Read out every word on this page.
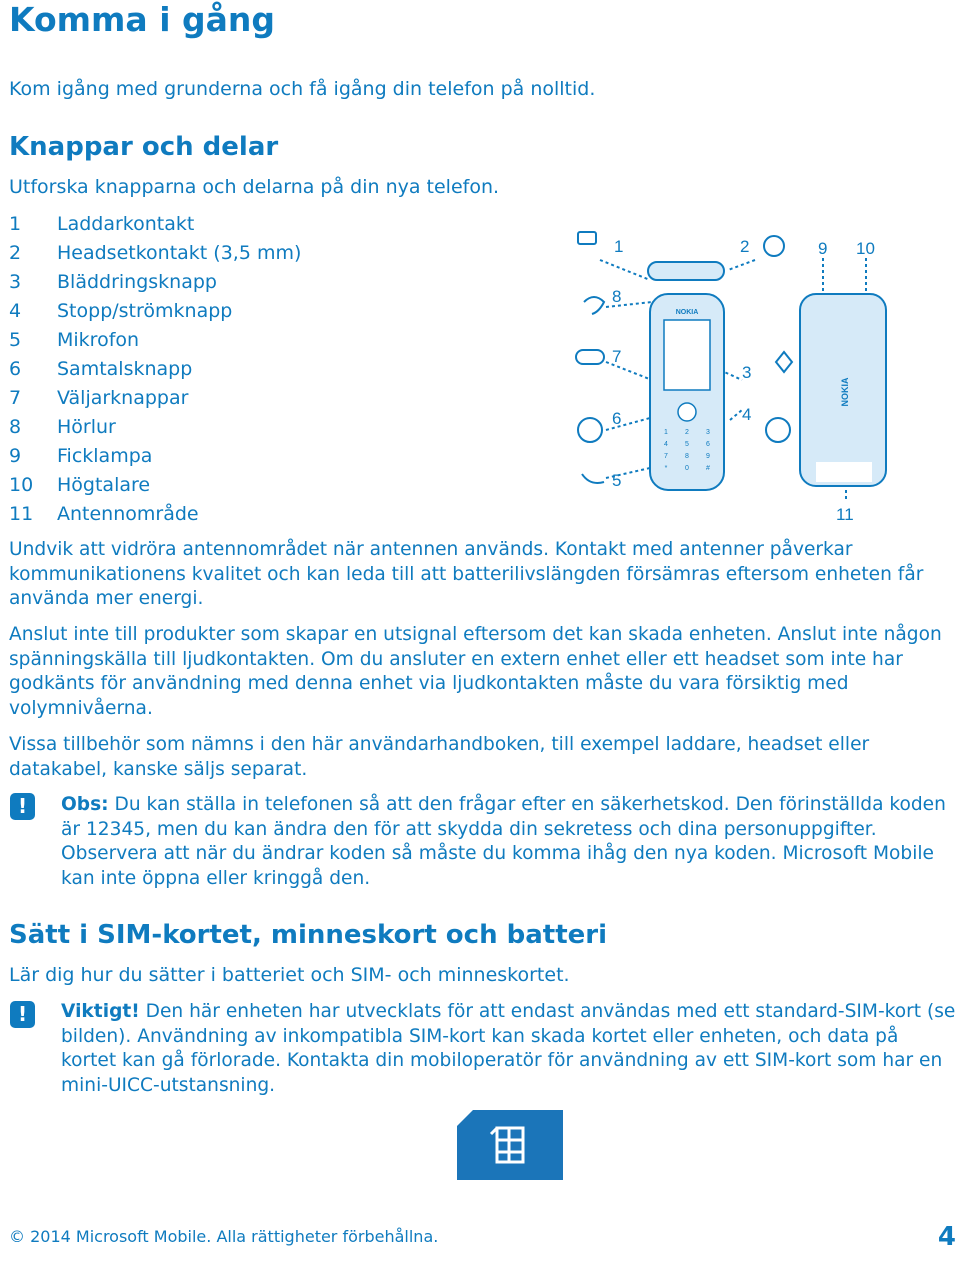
Komma i gång
Kom igång med grunderna och få igång din telefon på nolltid.
Knappar och delar
Utforska knapparna och delarna på din nya telefon.
1 Laddarkontakt
2 Headsetkontakt (3,5 mm)
3 Bläddringsknapp
4 Stopp/strömknapp
5 Mikrofon
6 Samtalsknapp
7 Väljarknappar
8 Hörlur
9 Ficklampa
10 Högtalare
11 Antennområde
NOKIA
NOKIA
1 2 3
4 5 6
7 8 9
*	0 #
1	2
3
4
5
6
7
8
9 10
11
Undvik att vidröra antennområdet när antennen används. Kontakt med antenner påverkar kommunikationens kvalitet och kan leda till att batterilivslängden försämras eftersom enheten får använda mer energi.
Anslut inte till produkter som skapar en utsignal eftersom det kan skada enheten. Anslut inte någon spänningskälla till ljudkontakten. Om du ansluter en extern enhet eller ett headset som inte har godkänts för användning med denna enhet via ljudkontakten måste du vara försiktig med volymnivåerna.
Vissa tillbehör som nämns i den här användarhandboken, till exempel laddare, headset eller datakabel, kanske säljs separat.
!	Obs: Du kan ställa in telefonen så att den frågar efter en säkerhetskod. Den förinställda koden är 12345, men du kan ändra den för att skydda din sekretess och dina personuppgifter. Observera att när du ändrar koden så måste du komma ihåg den nya koden. Microsoft Mobile kan inte öppna eller kringgå den.
Sätt i SIM-kortet, minneskort och batteri
Lär dig hur du sätter i batteriet och SIM- och minneskortet.
!	Viktigt! Den här enheten har utvecklats för att endast användas med ett standard-SIM-kort (se bilden). Användning av inkompatibla SIM-kort kan skada kortet eller enheten, och data på kortet kan gå förlorade. Kontakta din mobiloperatör för användning av ett SIM-kort som har en mini-UICC-utstansning.
© 2014 Microsoft Mobile. Alla rättigheter förbehållna.	4
